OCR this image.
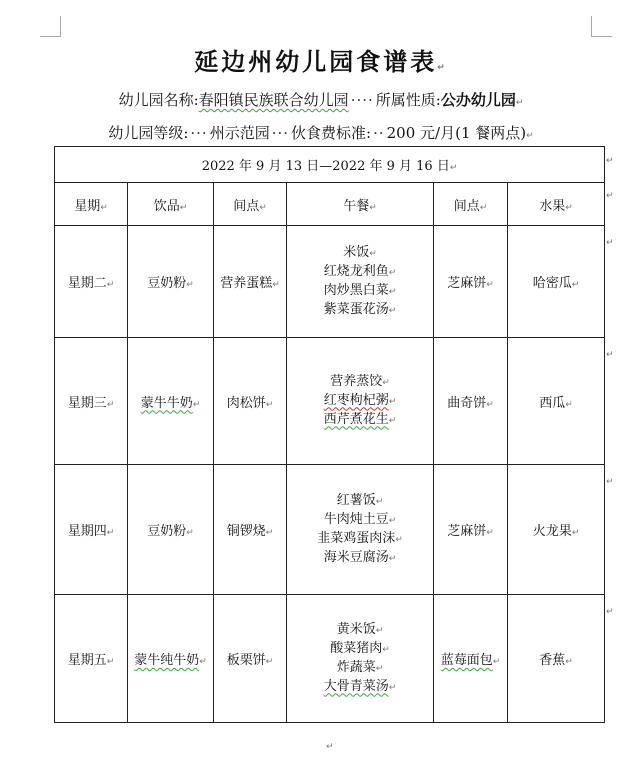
延边州幼儿园食谱表↵
幼儿园名称:春阳镇民族联合幼儿园 ···· 所属性质:公办幼儿园↵
幼儿园等级: ··· 州示范园 ··· 伙食费标准: ·· 200 元/月(1 餐两点)↵
2022 年 9 月 13 日—2022 年 9 月 16 日↵					
星期↵	饮品↵	间点↵	午餐↵	间点↵	水果↵
星期二↵	豆奶粉↵	营养蛋糕↵	米饭↵
红烧龙利鱼↵
肉炒黑白菜↵
紫菜蛋花汤↵	芝麻饼↵	哈密瓜↵
星期三↵	蒙牛牛奶↵	肉松饼↵	营养蒸饺↵
红枣枸杞粥↵
西芹煮花生↵	曲奇饼↵	西瓜↵
星期四↵	豆奶粉↵	铜锣烧↵	红薯饭↵
牛肉炖土豆↵
韭菜鸡蛋肉沫↵
海米豆腐汤↵	芝麻饼↵	火龙果↵
星期五↵	蒙牛纯牛奶↵	板栗饼↵	黄米饭↵
酸菜猪肉↵
炸蔬菜↵
大骨青菜汤↵	蓝莓面包↵	香蕉↵
↵
↵
↵
↵
↵
↵
↵
